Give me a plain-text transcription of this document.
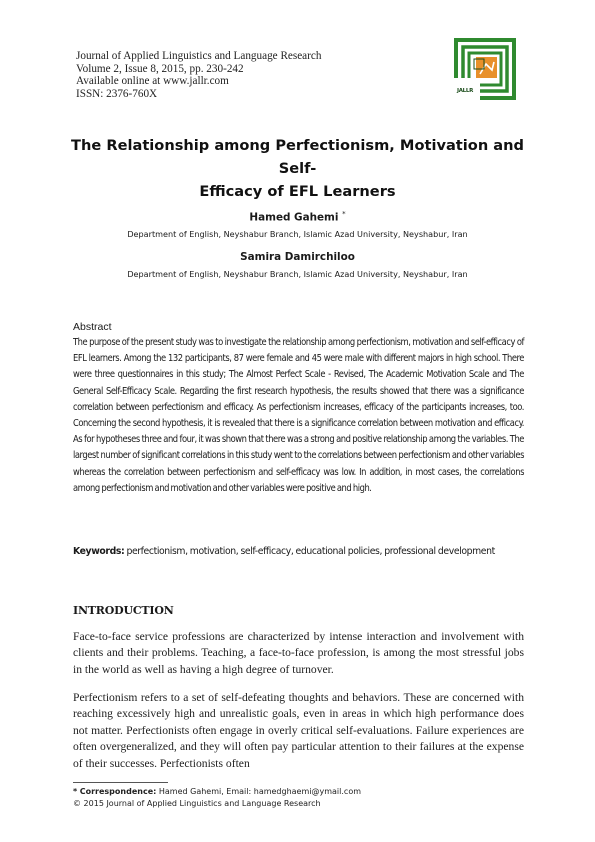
Journal of Applied Linguistics and Language Research
Volume 2, Issue 8, 2015, pp. 230-242
Available online at www.jallr.com
ISSN: 2376-760X	JALLR
The Relationship among Perfectionism, Motivation and Self-
Efficacy of EFL Learners
Hamed Gahemi *
Department of English, Neyshabur Branch, Islamic Azad University, Neyshabur, Iran
Samira Damirchiloo
Department of English, Neyshabur Branch, Islamic Azad University, Neyshabur, Iran
Abstract
The purpose of the present study was to investigate the relationship among perfectionism, motivation and self-efficacy of EFL learners. Among the 132 participants, 87 were female and 45 were male with different majors in high school. There were three questionnaires in this study; The Almost Perfect Scale - Revised, The Academic Motivation Scale and The General Self-Efficacy Scale. Regarding the first research hypothesis, the results showed that there was a significance correlation between perfectionism and efficacy. As perfectionism increases, efficacy of the participants increases, too. Concerning the second hypothesis, it is revealed that there is a significance correlation between motivation and efficacy. As for hypotheses three and four, it was shown that there was a strong and positive relationship among the variables. The largest number of significant correlations in this study went to the correlations between perfectionism and other variables whereas the correlation between perfectionism and self-efficacy was low. In addition, in most cases, the correlations among perfectionism and motivation and other variables were positive and high.
Keywords: perfectionism, motivation, self-efficacy, educational policies, professional development
INTRODUCTION
Face-to-face service professions are characterized by intense interaction and involvement with clients and their problems. Teaching, a face-to-face profession, is among the most stressful jobs in the world as well as having a high degree of turnover.
Perfectionism refers to a set of self-defeating thoughts and behaviors. These are concerned with reaching excessively high and unrealistic goals, even in areas in which high performance does not matter. Perfectionists often engage in overly critical self-evaluations. Failure experiences are often overgeneralized, and they will often pay particular attention to their failures at the expense of their successes. Perfectionists often
* Correspondence: Hamed Gahemi, Email: hamedghaemi@ymail.com
© 2015 Journal of Applied Linguistics and Language Research
